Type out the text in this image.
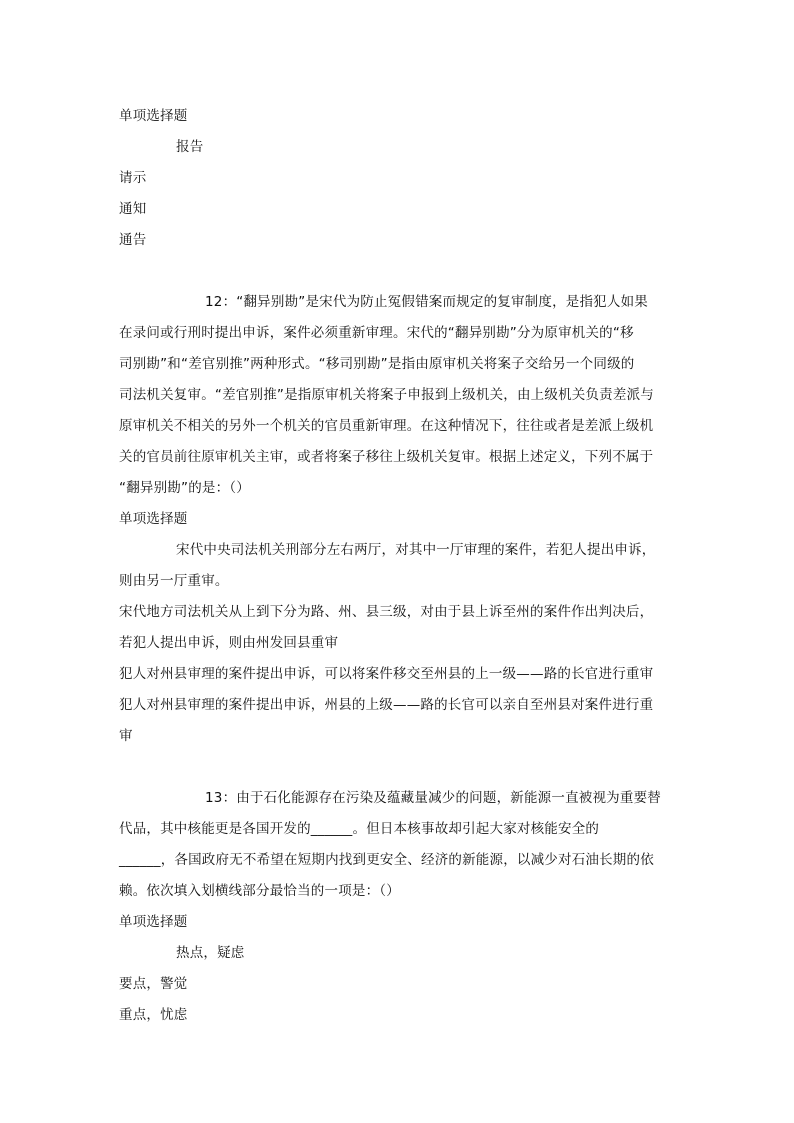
单项选择题
报告
请示
通知
通告
12：“翻异别勘”是宋代为防止冤假错案而规定的复审制度，是指犯人如果
在录问或行刑时提出申诉，案件必须重新审理。宋代的“翻异别勘”分为原审机关的“移
司别勘”和“差官别推”两种形式。“移司别勘”是指由原审机关将案子交给另一个同级的
司法机关复审。“差官别推”是指原审机关将案子申报到上级机关，由上级机关负责差派与
原审机关不相关的另外一个机关的官员重新审理。在这种情况下，往往或者是差派上级机
关的官员前往原审机关主审，或者将案子移往上级机关复审。根据上述定义，下列不属于
“翻异别勘”的是：（）
单项选择题
宋代中央司法机关刑部分左右两厅，对其中一厅审理的案件，若犯人提出申诉，
则由另一厅重审。
宋代地方司法机关从上到下分为路、州、县三级，对由于县上诉至州的案件作出判决后，
若犯人提出申诉，则由州发回县重审
犯人对州县审理的案件提出申诉，可以将案件移交至州县的上一级——路的长官进行重审
犯人对州县审理的案件提出申诉，州县的上级——路的长官可以亲自至州县对案件进行重
审
13：由于石化能源存在污染及蕴藏量减少的问题，新能源一直被视为重要替
代品，其中核能更是各国开发的______。但日本核事故却引起大家对核能安全的
______，各国政府无不希望在短期内找到更安全、经济的新能源，以减少对石油长期的依
赖。依次填入划横线部分最恰当的一项是：（）
单项选择题
热点，疑虑
要点，警觉
重点，忧虑
